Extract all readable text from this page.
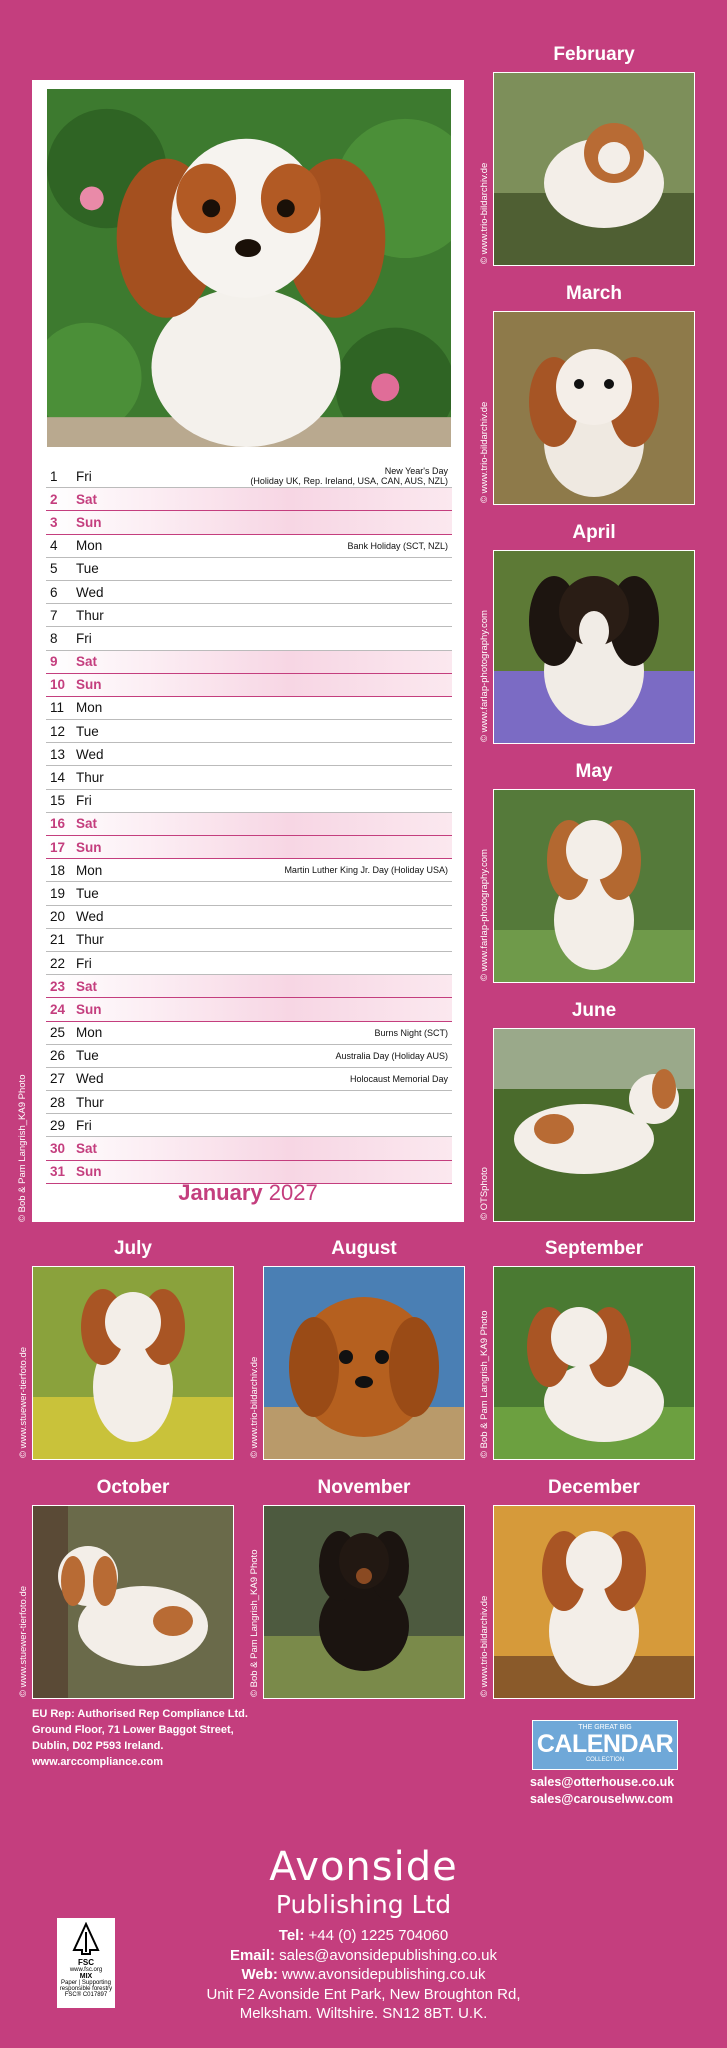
© Bob & Pam Langrish_KA9 Photo
1	Fri	New Year's Day
(Holiday UK, Rep. Ireland, USA, CAN, AUS, NZL)
2	Sat
3	Sun
4	Mon	Bank Holiday (SCT, NZL)
5	Tue
6	Wed
7	Thur
8	Fri
9	Sat
10 Sun
11 Mon
12 Tue
13 Wed
14 Thur
15 Fri
16 Sat
17 Sun
18 Mon	Martin Luther King Jr. Day (Holiday USA)
19 Tue
20 Wed
21 Thur
22 Fri
23 Sat
24 Sun
25 Mon	Burns Night (SCT)
26 Tue	Australia Day (Holiday AUS)
27 Wed	Holocaust Memorial Day
28 Thur
29 Fri
30 Sat
31 Sun
January 2027
February
© www.trio-bildarchiv.de
March
© www.trio-bildarchiv.de
April
© www.farlap-photography.com
May
© www.farlap-photography.com
June
© OTSphoto
July
© www.stuewer-tierfoto.de
August
© www.trio-bildarchiv.de
September
© Bob & Pam Langrish_KA9 Photo
October
© www.stuewer-tierfoto.de
November
© Bob & Pam Langrish_KA9 Photo
December
© www.trio-bildarchiv.de
EU Rep: Authorised Rep Compliance Ltd.
Ground Floor, 71 Lower Baggot Street,
Dublin, D02 P593 Ireland.
www.arccompliance.com
THE GREAT BIG
CALENDAR
COLLECTION
sales@otterhouse.co.uk
sales@carouselww.com
Avonside
Publishing Ltd
Tel: +44 (0) 1225 704060
Email: sales@avonsidepublishing.co.uk
Web: www.avonsidepublishing.co.uk
Unit F2 Avonside Ent Park, New Broughton Rd,
Melksham. Wiltshire. SN12 8BT. U.K.
FSC
www.fsc.org
MIX
Paper | Supporting responsible forestry
FSC® C017897
